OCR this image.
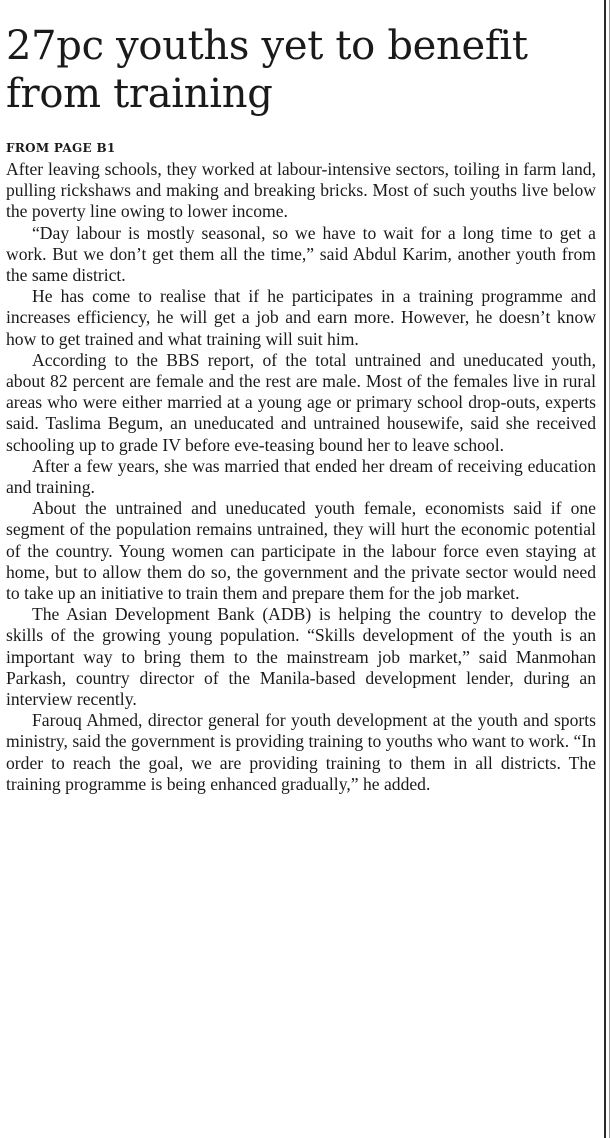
27pc youths yet to benefit from training
FROM PAGE B1

After leaving schools, they worked at labour-intensive sectors, toiling in farm land, pulling rickshaws and making and breaking bricks. Most of such youths live below the poverty line owing to lower income.

“Day labour is mostly seasonal, so we have to wait for a long time to get a work. But we don’t get them all the time,” said Abdul Karim, another youth from the same district.

He has come to realise that if he participates in a training programme and increases efficiency, he will get a job and earn more. However, he doesn’t know how to get trained and what training will suit him.

According to the BBS report, of the total untrained and uneducated youth, about 82 percent are female and the rest are male. Most of the females live in rural areas who were either married at a young age or primary school drop-outs, experts said. Taslima Begum, an uneducated and untrained housewife, said she received schooling up to grade IV before eve-teasing bound her to leave school.

After a few years, she was married that ended her dream of receiving education and training.

About the untrained and uneducated youth female, economists said if one segment of the population remains untrained, they will hurt the economic potential of the country. Young women can participate in the labour force even staying at home, but to allow them do so, the government and the private sector would need to take up an initiative to train them and prepare them for the job market.

The Asian Development Bank (ADB) is helping the country to develop the skills of the growing young population. “Skills development of the youth is an important way to bring them to the mainstream job market,” said Manmohan Parkash, country director of the Manila-based development lender, during an interview recently.

Farouq Ahmed, director general for youth development at the youth and sports ministry, said the government is providing training to youths who want to work. “In order to reach the goal, we are providing training to them in all districts. The training programme is being enhanced gradually,” he added.
